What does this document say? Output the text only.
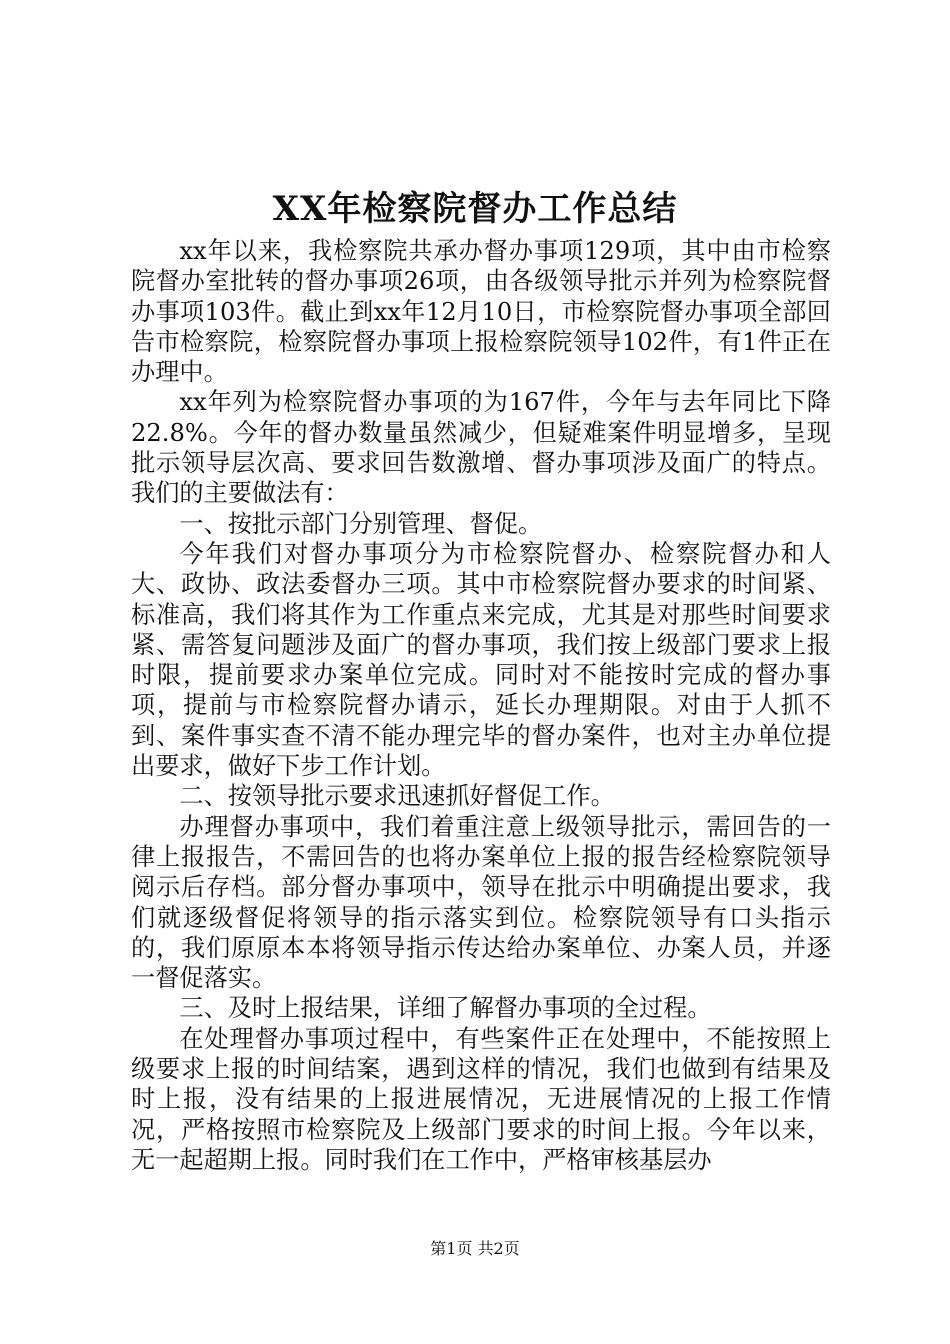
XX年检察院督办工作总结

xx年以来，我检察院共承办督办事项129项，其中由市检察院督办室批转的督办事项26项，由各级领导批示并列为检察院督办事项103件。截止到xx年12月10日，市检察院督办事项全部回告市检察院，检察院督办事项上报检察院领导102件，有1件正在办理中。

xx年列为检察院督办事项的为167件，今年与去年同比下降22.8%。今年的督办数量虽然减少，但疑难案件明显增多，呈现批示领导层次高、要求回告数激增、督办事项涉及面广的特点。我们的主要做法有：

一、按批示部门分别管理、督促。

今年我们对督办事项分为市检察院督办、检察院督办和人大、政协、政法委督办三项。其中市检察院督办要求的时间紧、标准高，我们将其作为工作重点来完成，尤其是对那些时间要求紧、需答复问题涉及面广的督办事项，我们按上级部门要求上报时限，提前要求办案单位完成。同时对不能按时完成的督办事项，提前与市检察院督办请示，延长办理期限。对由于人抓不到、案件事实查不清不能办理完毕的督办案件，也对主办单位提出要求，做好下步工作计划。

二、按领导批示要求迅速抓好督促工作。

办理督办事项中，我们着重注意上级领导批示，需回告的一律上报报告，不需回告的也将办案单位上报的报告经检察院领导阅示后存档。部分督办事项中，领导在批示中明确提出要求，我们就逐级督促将领导的指示落实到位。检察院领导有口头指示的，我们原原本本将领导指示传达给办案单位、办案人员，并逐一督促落实。

三、及时上报结果，详细了解督办事项的全过程。

在处理督办事项过程中，有些案件正在处理中，不能按照上级要求上报的时间结案，遇到这样的情况，我们也做到有结果及时上报，没有结果的上报进展情况，无进展情况的上报工作情况，严格按照市检察院及上级部门要求的时间上报。今年以来，无一起超期上报。同时我们在工作中，严格审核基层办

第1页 共2页
